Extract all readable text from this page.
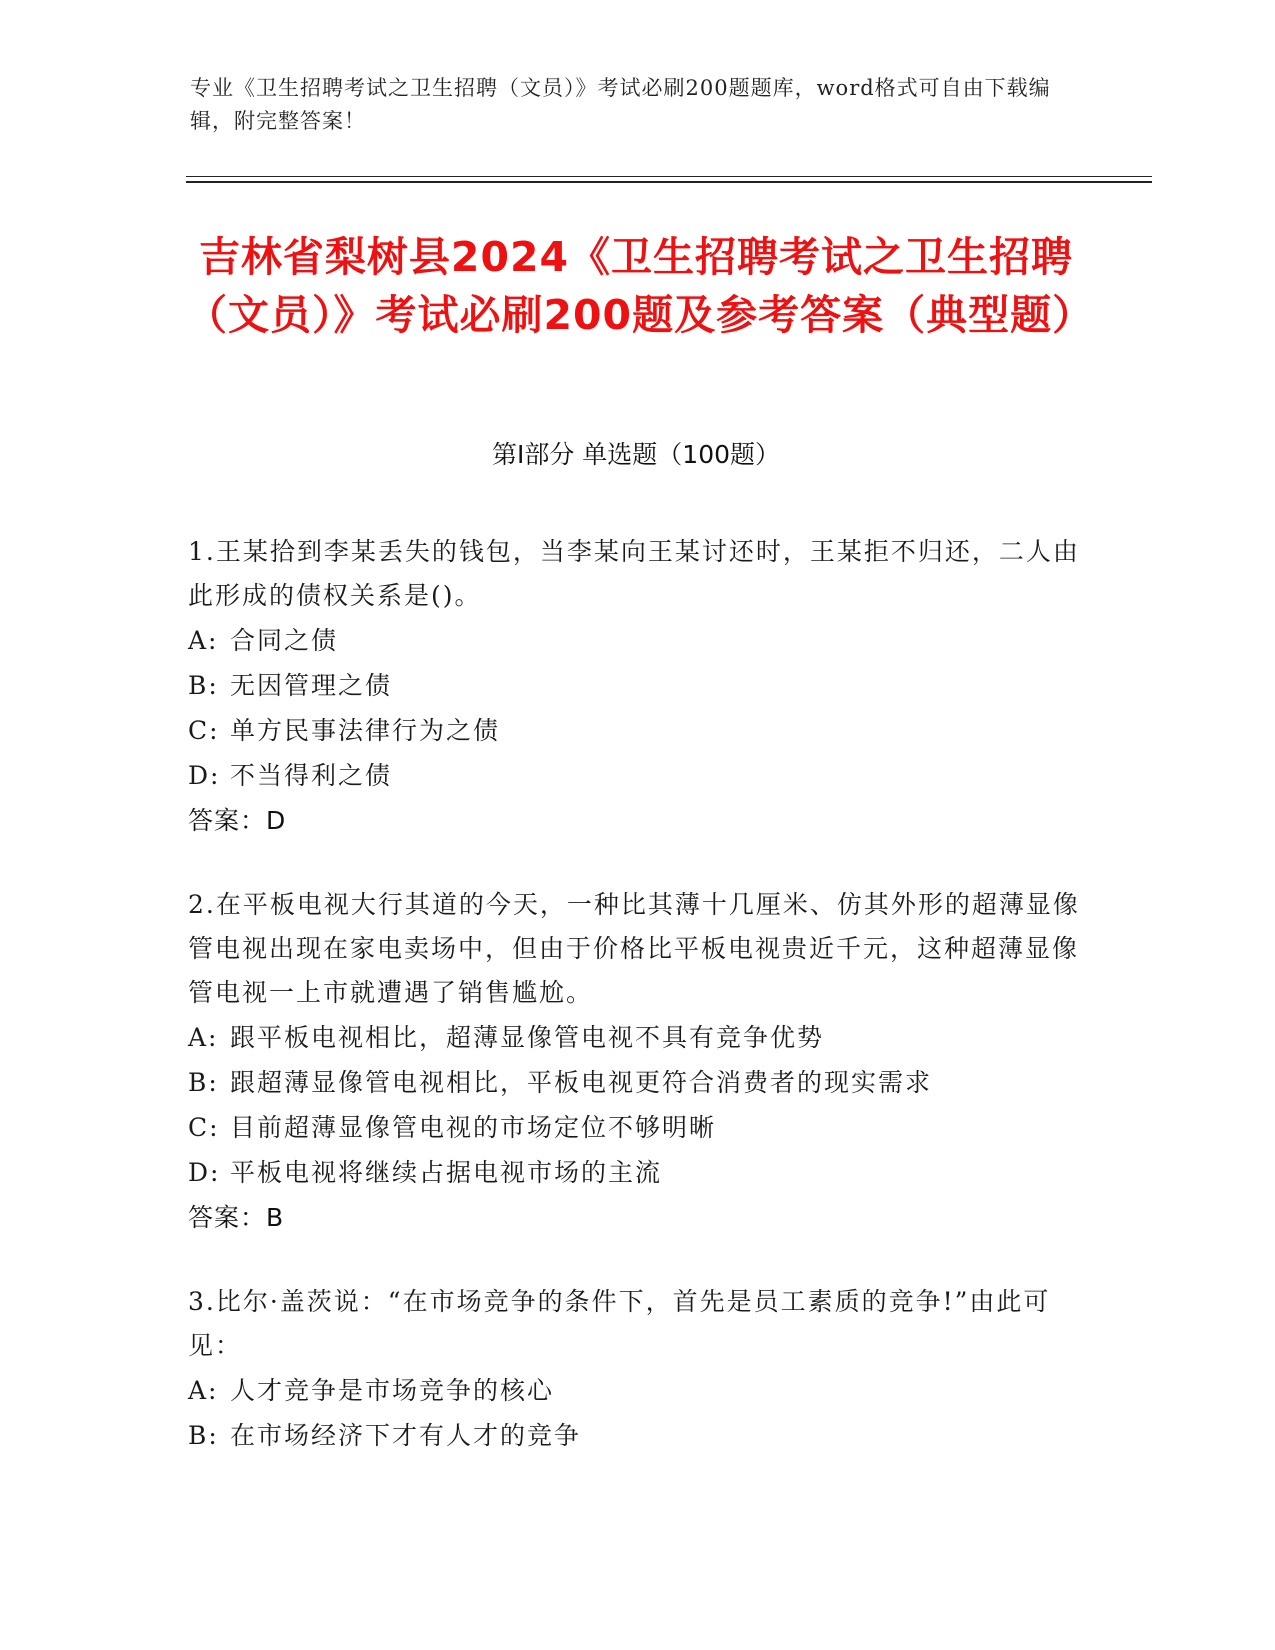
专业《卫生招聘考试之卫生招聘（文员）》考试必刷200题题库，word格式可自由下载编辑，附完整答案！
吉林省梨树县2024《卫生招聘考试之卫生招聘（文员）》考试必刷200题及参考答案（典型题）
第Ⅰ部分 单选题（100题）
1.王某拾到李某丢失的钱包，当李某向王某讨还时，王某拒不归还，二人由此形成的债权关系是()。
A: 合同之债
B: 无因管理之债
C: 单方民事法律行为之债
D: 不当得利之债
答案：D
2.在平板电视大行其道的今天，一种比其薄十几厘米、仿其外形的超薄显像管电视出现在家电卖场中，但由于价格比平板电视贵近千元，这种超薄显像管电视一上市就遭遇了销售尴尬。
A: 跟平板电视相比，超薄显像管电视不具有竞争优势
B: 跟超薄显像管电视相比，平板电视更符合消费者的现实需求
C: 目前超薄显像管电视的市场定位不够明晰
D: 平板电视将继续占据电视市场的主流
答案：B
3.比尔·盖茨说：“在市场竞争的条件下，首先是员工素质的竞争!”由此可见：
A: 人才竞争是市场竞争的核心
B: 在市场经济下才有人才的竞争
